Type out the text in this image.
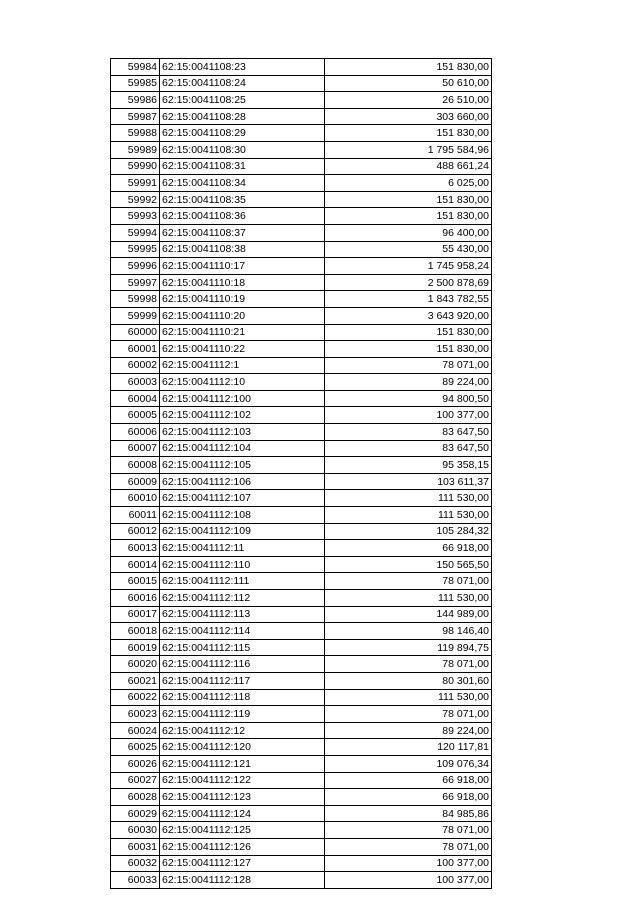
59984	62:15:0041108:23	151 830,00
59985	62:15:0041108:24	50 610,00
59986	62:15:0041108:25	26 510,00
59987	62:15:0041108:28	303 660,00
59988	62:15:0041108:29	151 830,00
59989	62:15:0041108:30	1 795 584,96
59990	62:15:0041108:31	488 661,24
59991	62:15:0041108:34	6 025,00
59992	62:15:0041108:35	151 830,00
59993	62:15:0041108:36	151 830,00
59994	62:15:0041108:37	96 400,00
59995	62:15:0041108:38	55 430,00
59996	62:15:0041110:17	1 745 958,24
59997	62:15:0041110:18	2 500 878,69
59998	62:15:0041110:19	1 843 782,55
59999	62:15:0041110:20	3 643 920,00
60000	62:15:0041110:21	151 830,00
60001	62:15:0041110:22	151 830,00
60002	62:15:0041112:1	78 071,00
60003	62:15:0041112:10	89 224,00
60004	62:15:0041112:100	94 800,50
60005	62:15:0041112:102	100 377,00
60006	62:15:0041112:103	83 647,50
60007	62:15:0041112:104	83 647,50
60008	62:15:0041112:105	95 358,15
60009	62:15:0041112:106	103 611,37
60010	62:15:0041112:107	111 530,00
60011	62:15:0041112:108	111 530,00
60012	62:15:0041112:109	105 284,32
60013	62:15:0041112:11	66 918,00
60014	62:15:0041112:110	150 565,50
60015	62:15:0041112:111	78 071,00
60016	62:15:0041112:112	111 530,00
60017	62:15:0041112:113	144 989,00
60018	62:15:0041112:114	98 146,40
60019	62:15:0041112:115	119 894,75
60020	62:15:0041112:116	78 071,00
60021	62:15:0041112:117	80 301,60
60022	62:15:0041112:118	111 530,00
60023	62:15:0041112:119	78 071,00
60024	62:15:0041112:12	89 224,00
60025	62:15:0041112:120	120 117,81
60026	62:15:0041112:121	109 076,34
60027	62:15:0041112:122	66 918,00
60028	62:15:0041112:123	66 918,00
60029	62:15:0041112:124	84 985,86
60030	62:15:0041112:125	78 071,00
60031	62:15:0041112:126	78 071,00
60032	62:15:0041112:127	100 377,00
60033	62:15:0041112:128	100 377,00
